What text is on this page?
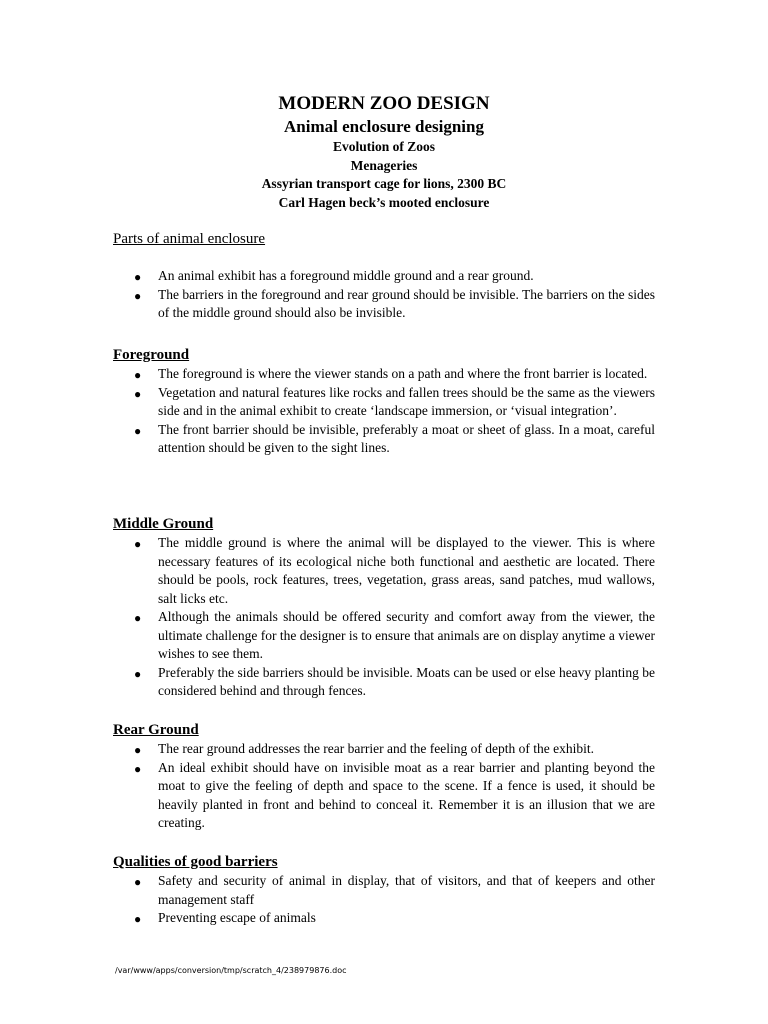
MODERN ZOO DESIGN

Animal enclosure designing

Evolution of Zoos

Menageries

Assyrian transport cage for lions, 2300 BC

Carl Hagen beck’s mooted enclosure

Parts of animal enclosure

● An animal exhibit has a foreground middle ground and a rear ground.
● The barriers in the foreground and rear ground should be invisible. The barriers on the sides of the middle ground should also be invisible.

Foreground

● The foreground is where the viewer stands on a path and where the front barrier is located.
● Vegetation and natural features like rocks and fallen trees should be the same as the viewers side and in the animal exhibit to create ‘landscape immersion, or ‘visual integration’.
● The front barrier should be invisible, preferably a moat or sheet of glass. In a moat, careful attention should be given to the sight lines.

Middle Ground

● The middle ground is where the animal will be displayed to the viewer. This is where necessary features of its ecological niche both functional and aesthetic are located. There should be pools, rock features, trees, vegetation, grass areas, sand patches, mud wallows, salt licks etc.
● Although the animals should be offered security and comfort away from the viewer, the ultimate challenge for the designer is to ensure that animals are on display anytime a viewer wishes to see them.
● Preferably the side barriers should be invisible. Moats can be used or else heavy planting be considered behind and through fences.

Rear Ground

● The rear ground addresses the rear barrier and the feeling of depth of the exhibit.
● An ideal exhibit should have on invisible moat as a rear barrier and planting beyond the moat to give the feeling of depth and space to the scene. If a fence is used, it should be heavily planted in front and behind to conceal it. Remember it is an illusion that we are creating.

Qualities of good barriers

● Safety and security of animal in display, that of visitors, and that of keepers and other management staff
● Preventing escape of animals
/var/www/apps/conversion/tmp/scratch_4/238979876.doc
